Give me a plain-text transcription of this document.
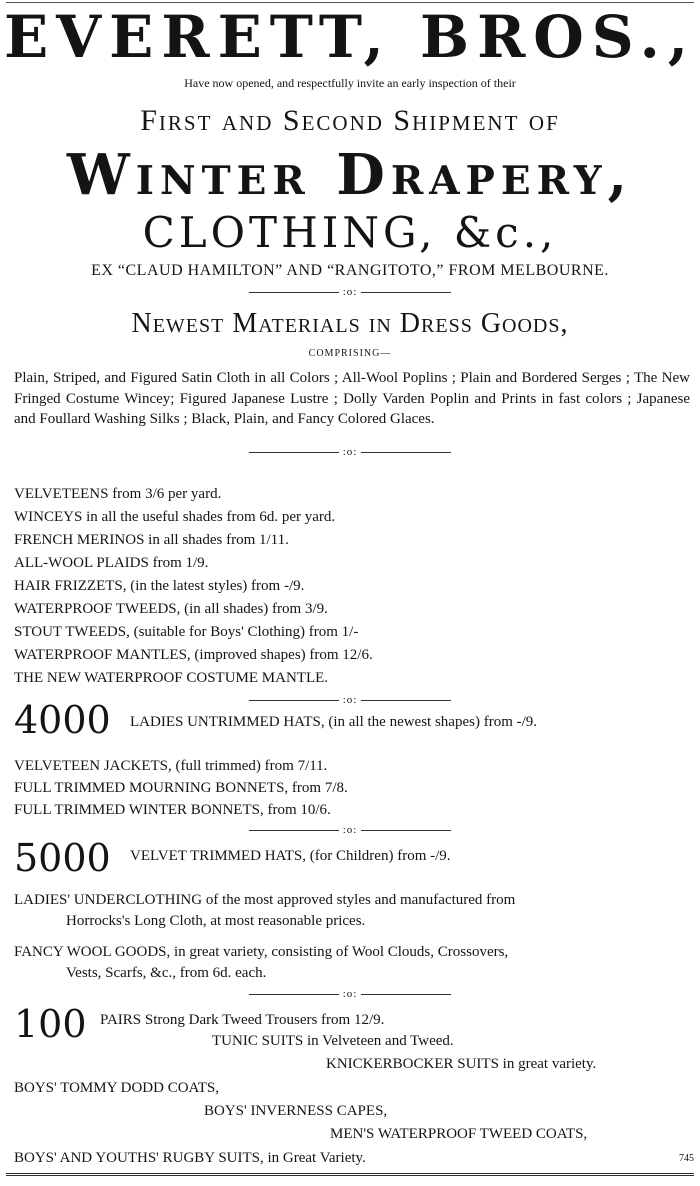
EVERETT, BROS.,
Have now opened, and respectfully invite an early inspection of their
First and Second Shipment of
Winter Drapery,
CLOTHING, &c.,
EX “CLAUD HAMILTON” AND “RANGITOTO,” FROM MELBOURNE.
:o:
Newest Materials in Dress Goods,
COMPRISING—
Plain, Striped, and Figured Satin Cloth in all Colors ; All-Wool Poplins ; Plain and Bordered Serges ; The New Fringed Costume Wincey; Figured Japanese Lustre ; Dolly Varden Poplin and Prints in fast colors ; Japanese and Foullard Washing Silks ; Black, Plain, and Fancy Colored Glaces.
:o:
VELVETEENS from 3/6 per yard.
WINCEYS in all the useful shades from 6d. per yard.
FRENCH MERINOS in all shades from 1/11.
ALL-WOOL PLAIDS from 1/9.
HAIR FRIZZETS, (in the latest styles) from -/9.
WATERPROOF TWEEDS, (in all shades) from 3/9.
STOUT TWEEDS, (suitable for Boys' Clothing) from 1/-
WATERPROOF MANTLES, (improved shapes) from 12/6.
THE NEW WATERPROOF COSTUME MANTLE.
:o:
4000 LADIES UNTRIMMED HATS, (in all the newest shapes) from -/9.
VELVETEEN JACKETS, (full trimmed) from 7/11.
FULL TRIMMED MOURNING BONNETS, from 7/8.
FULL TRIMMED WINTER BONNETS, from 10/6.
:o:
5000 VELVET TRIMMED HATS, (for Children) from -/9.
LADIES' UNDERCLOTHING of the most approved styles and manufactured from
Horrocks's Long Cloth, at most reasonable prices.
FANCY WOOL GOODS, in great variety, consisting of Wool Clouds, Crossovers,
Vests, Scarfs, &c., from 6d. each.
:o:
100 PAIRS Strong Dark Tweed Trousers from 12/9.
TUNIC SUITS in Velveteen and Tweed.
KNICKERBOCKER SUITS in great variety.
BOYS' TOMMY DODD COATS,
BOYS' INVERNESS CAPES,
MEN'S WATERPROOF TWEED COATS,
BOYS' AND YOUTHS' RUGBY SUITS, in Great Variety.	745
